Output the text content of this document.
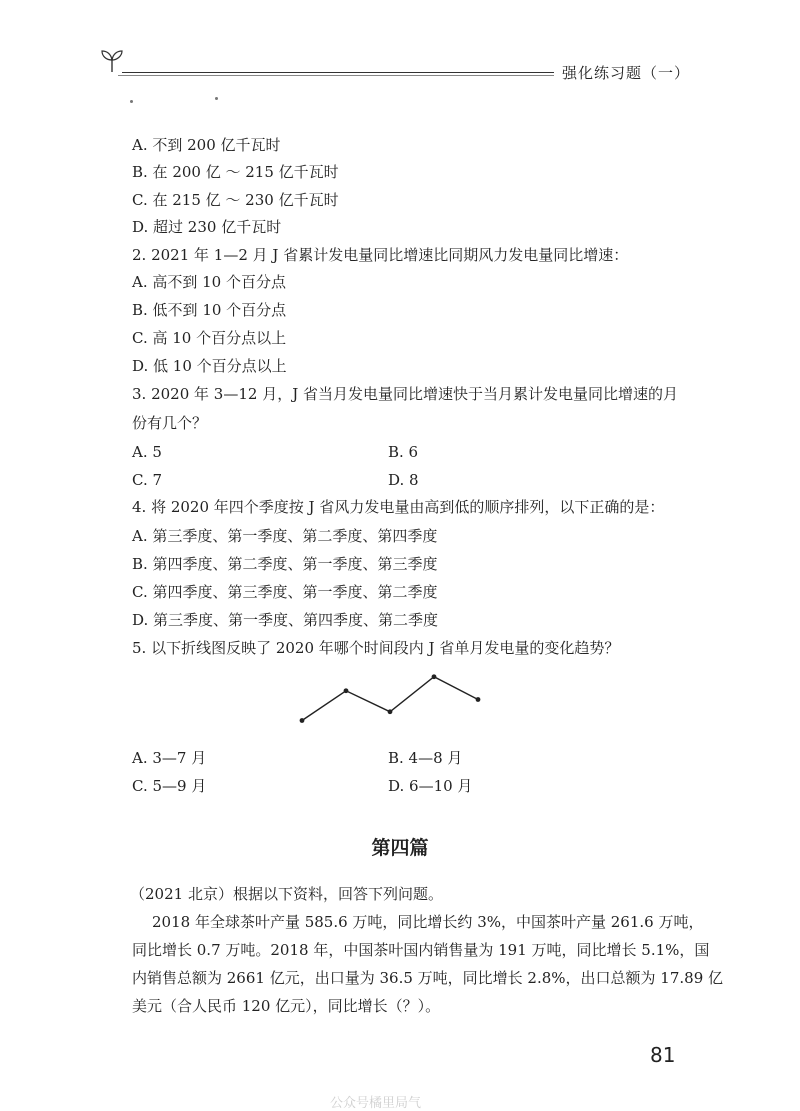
强化练习题（一）
A. 不到 200 亿千瓦时
B. 在 200 亿 ～ 215 亿千瓦时
C. 在 215 亿 ～ 230 亿千瓦时
D. 超过 230 亿千瓦时
2. 2021 年 1—2 月 J 省累计发电量同比增速比同期风力发电量同比增速：
A. 高不到 10 个百分点
B. 低不到 10 个百分点
C. 高 10 个百分点以上
D. 低 10 个百分点以上
3. 2020 年 3—12 月，J 省当月发电量同比增速快于当月累计发电量同比增速的月
份有几个？
A. 5	B. 6
C. 7	D. 8
4. 将 2020 年四个季度按 J 省风力发电量由高到低的顺序排列，以下正确的是：
A. 第三季度、第一季度、第二季度、第四季度
B. 第四季度、第二季度、第一季度、第三季度
C. 第四季度、第三季度、第一季度、第二季度
D. 第三季度、第一季度、第四季度、第二季度
5. 以下折线图反映了 2020 年哪个时间段内 J 省单月发电量的变化趋势？
A. 3—7 月	B. 4—8 月
C. 5—9 月	D. 6—10 月
第四篇
（2021 北京）根据以下资料，回答下列问题。
2018 年全球茶叶产量 585.6 万吨，同比增长约 3%，中国茶叶产量 261.6 万吨，
同比增长 0.7 万吨。2018 年，中国茶叶国内销售量为 191 万吨，同比增长 5.1%，国
内销售总额为 2661 亿元，出口量为 36.5 万吨，同比增长 2.8%，出口总额为 17.89 亿
美元（合人民币 120 亿元），同比增长（？）。
81
公众号橘里局气
